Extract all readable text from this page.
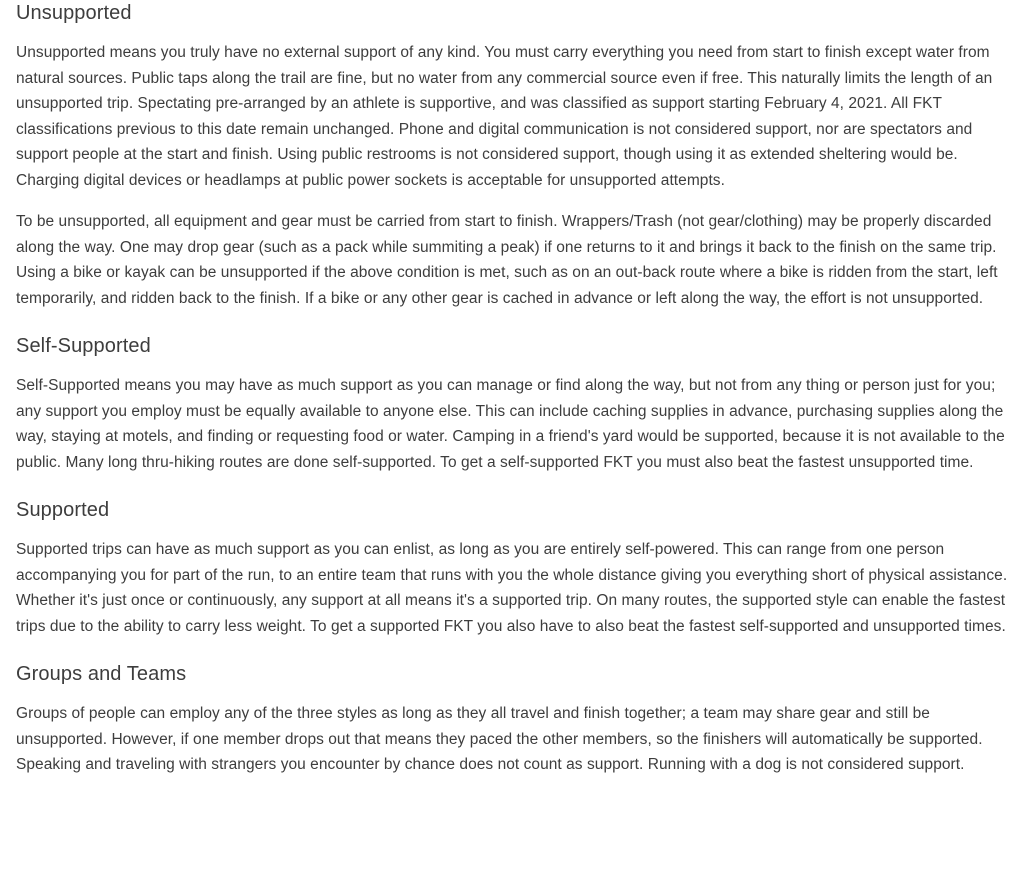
Unsupported

Unsupported means you truly have no external support of any kind. You must carry everything you need from start to finish except water from natural sources. Public taps along the trail are fine, but no water from any commercial source even if free. This naturally limits the length of an unsupported trip. Spectating pre-arranged by an athlete is supportive, and was classified as support starting February 4, 2021. All FKT classifications previous to this date remain unchanged. Phone and digital communication is not considered support, nor are spectators and support people at the start and finish. Using public restrooms is not considered support, though using it as extended sheltering would be. Charging digital devices or headlamps at public power sockets is acceptable for unsupported attempts.

To be unsupported, all equipment and gear must be carried from start to finish. Wrappers/Trash (not gear/clothing) may be properly discarded along the way. One may drop gear (such as a pack while summiting a peak) if one returns to it and brings it back to the finish on the same trip. Using a bike or kayak can be unsupported if the above condition is met, such as on an out-back route where a bike is ridden from the start, left temporarily, and ridden back to the finish. If a bike or any other gear is cached in advance or left along the way, the effort is not unsupported.

Self-Supported

Self-Supported means you may have as much support as you can manage or find along the way, but not from any thing or person just for you; any support you employ must be equally available to anyone else. This can include caching supplies in advance, purchasing supplies along the way, staying at motels, and finding or requesting food or water. Camping in a friend's yard would be supported, because it is not available to the public. Many long thru-hiking routes are done self-supported. To get a self-supported FKT you must also beat the fastest unsupported time.

Supported

Supported trips can have as much support as you can enlist, as long as you are entirely self-powered. This can range from one person accompanying you for part of the run, to an entire team that runs with you the whole distance giving you everything short of physical assistance. Whether it's just once or continuously, any support at all means it's a supported trip. On many routes, the supported style can enable the fastest trips due to the ability to carry less weight. To get a supported FKT you also have to also beat the fastest self-supported and unsupported times.

Groups and Teams

Groups of people can employ any of the three styles as long as they all travel and finish together; a team may share gear and still be unsupported. However, if one member drops out that means they paced the other members, so the finishers will automatically be supported. Speaking and traveling with strangers you encounter by chance does not count as support. Running with a dog is not considered support.
